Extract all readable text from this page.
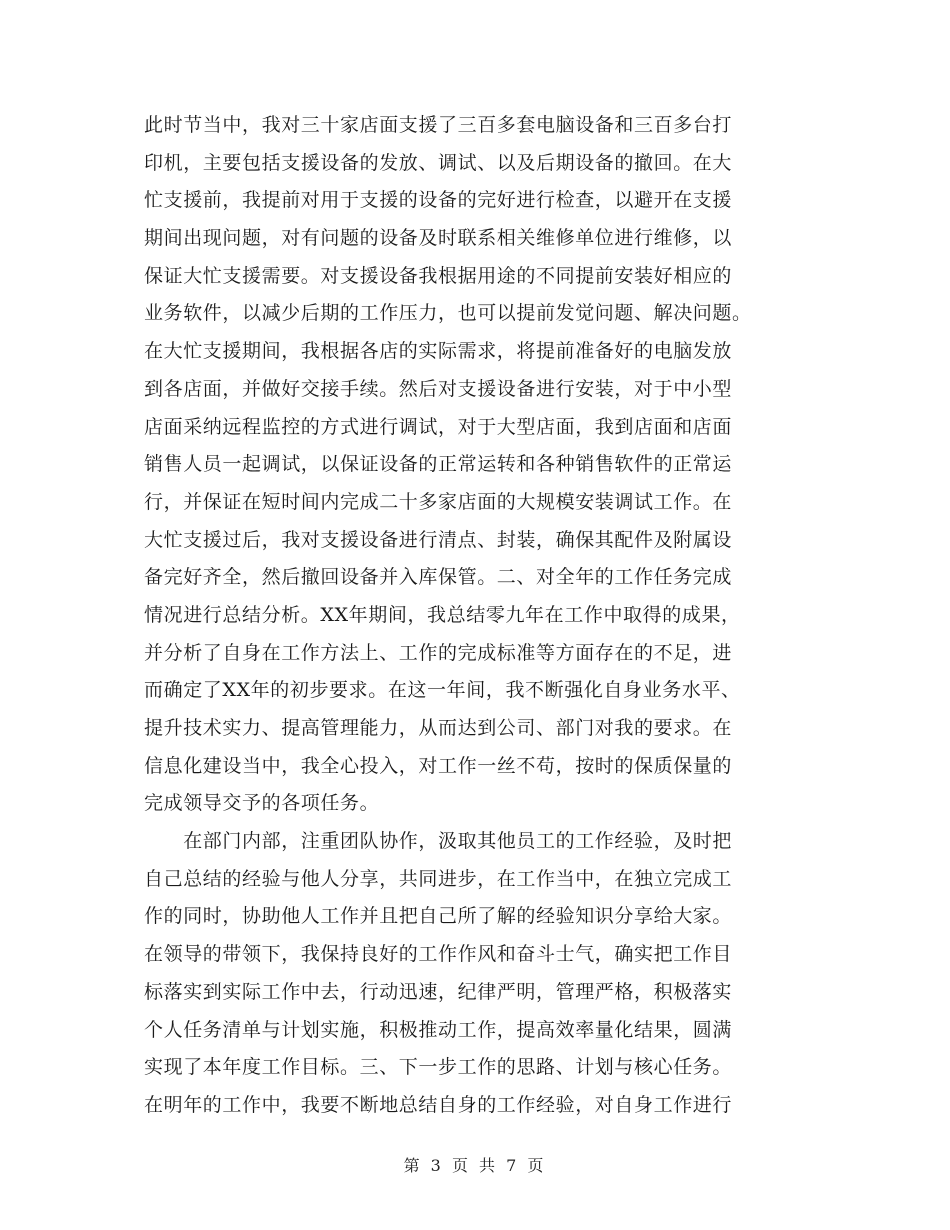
此时节当中，我对三十家店面支援了三百多套电脑设备和三百多台打
印机，主要包括支援设备的发放、调试、以及后期设备的撤回。在大
忙支援前，我提前对用于支援的设备的完好进行检查，以避开在支援
期间出现问题，对有问题的设备及时联系相关维修单位进行维修，以
保证大忙支援需要。对支援设备我根据用途的不同提前安装好相应的
业务软件，以减少后期的工作压力，也可以提前发觉问题、解决问题。
在大忙支援期间，我根据各店的实际需求，将提前准备好的电脑发放
到各店面，并做好交接手续。然后对支援设备进行安装，对于中小型
店面采纳远程监控的方式进行调试，对于大型店面，我到店面和店面
销售人员一起调试，以保证设备的正常运转和各种销售软件的正常运
行，并保证在短时间内完成二十多家店面的大规模安装调试工作。在
大忙支援过后，我对支援设备进行清点、封装，确保其配件及附属设
备完好齐全，然后撤回设备并入库保管。二、对全年的工作任务完成
情况进行总结分析。XX年期间，我总结零九年在工作中取得的成果，
并分析了自身在工作方法上、工作的完成标准等方面存在的不足，进
而确定了XX年的初步要求。在这一年间，我不断强化自身业务水平、
提升技术实力、提高管理能力，从而达到公司、部门对我的要求。在
信息化建设当中，我全心投入，对工作一丝不苟，按时的保质保量的
完成领导交予的各项任务。
　　在部门内部，注重团队协作，汲取其他员工的工作经验，及时把
自己总结的经验与他人分享，共同进步，在工作当中，在独立完成工
作的同时，协助他人工作并且把自己所了解的经验知识分享给大家。
在领导的带领下，我保持良好的工作作风和奋斗士气，确实把工作目
标落实到实际工作中去，行动迅速，纪律严明，管理严格，积极落实
个人任务清单与计划实施，积极推动工作，提高效率量化结果，圆满
实现了本年度工作目标。三、下一步工作的思路、计划与核心任务。
在明年的工作中，我要不断地总结自身的工作经验，对自身工作进行
第 3 页 共 7 页
